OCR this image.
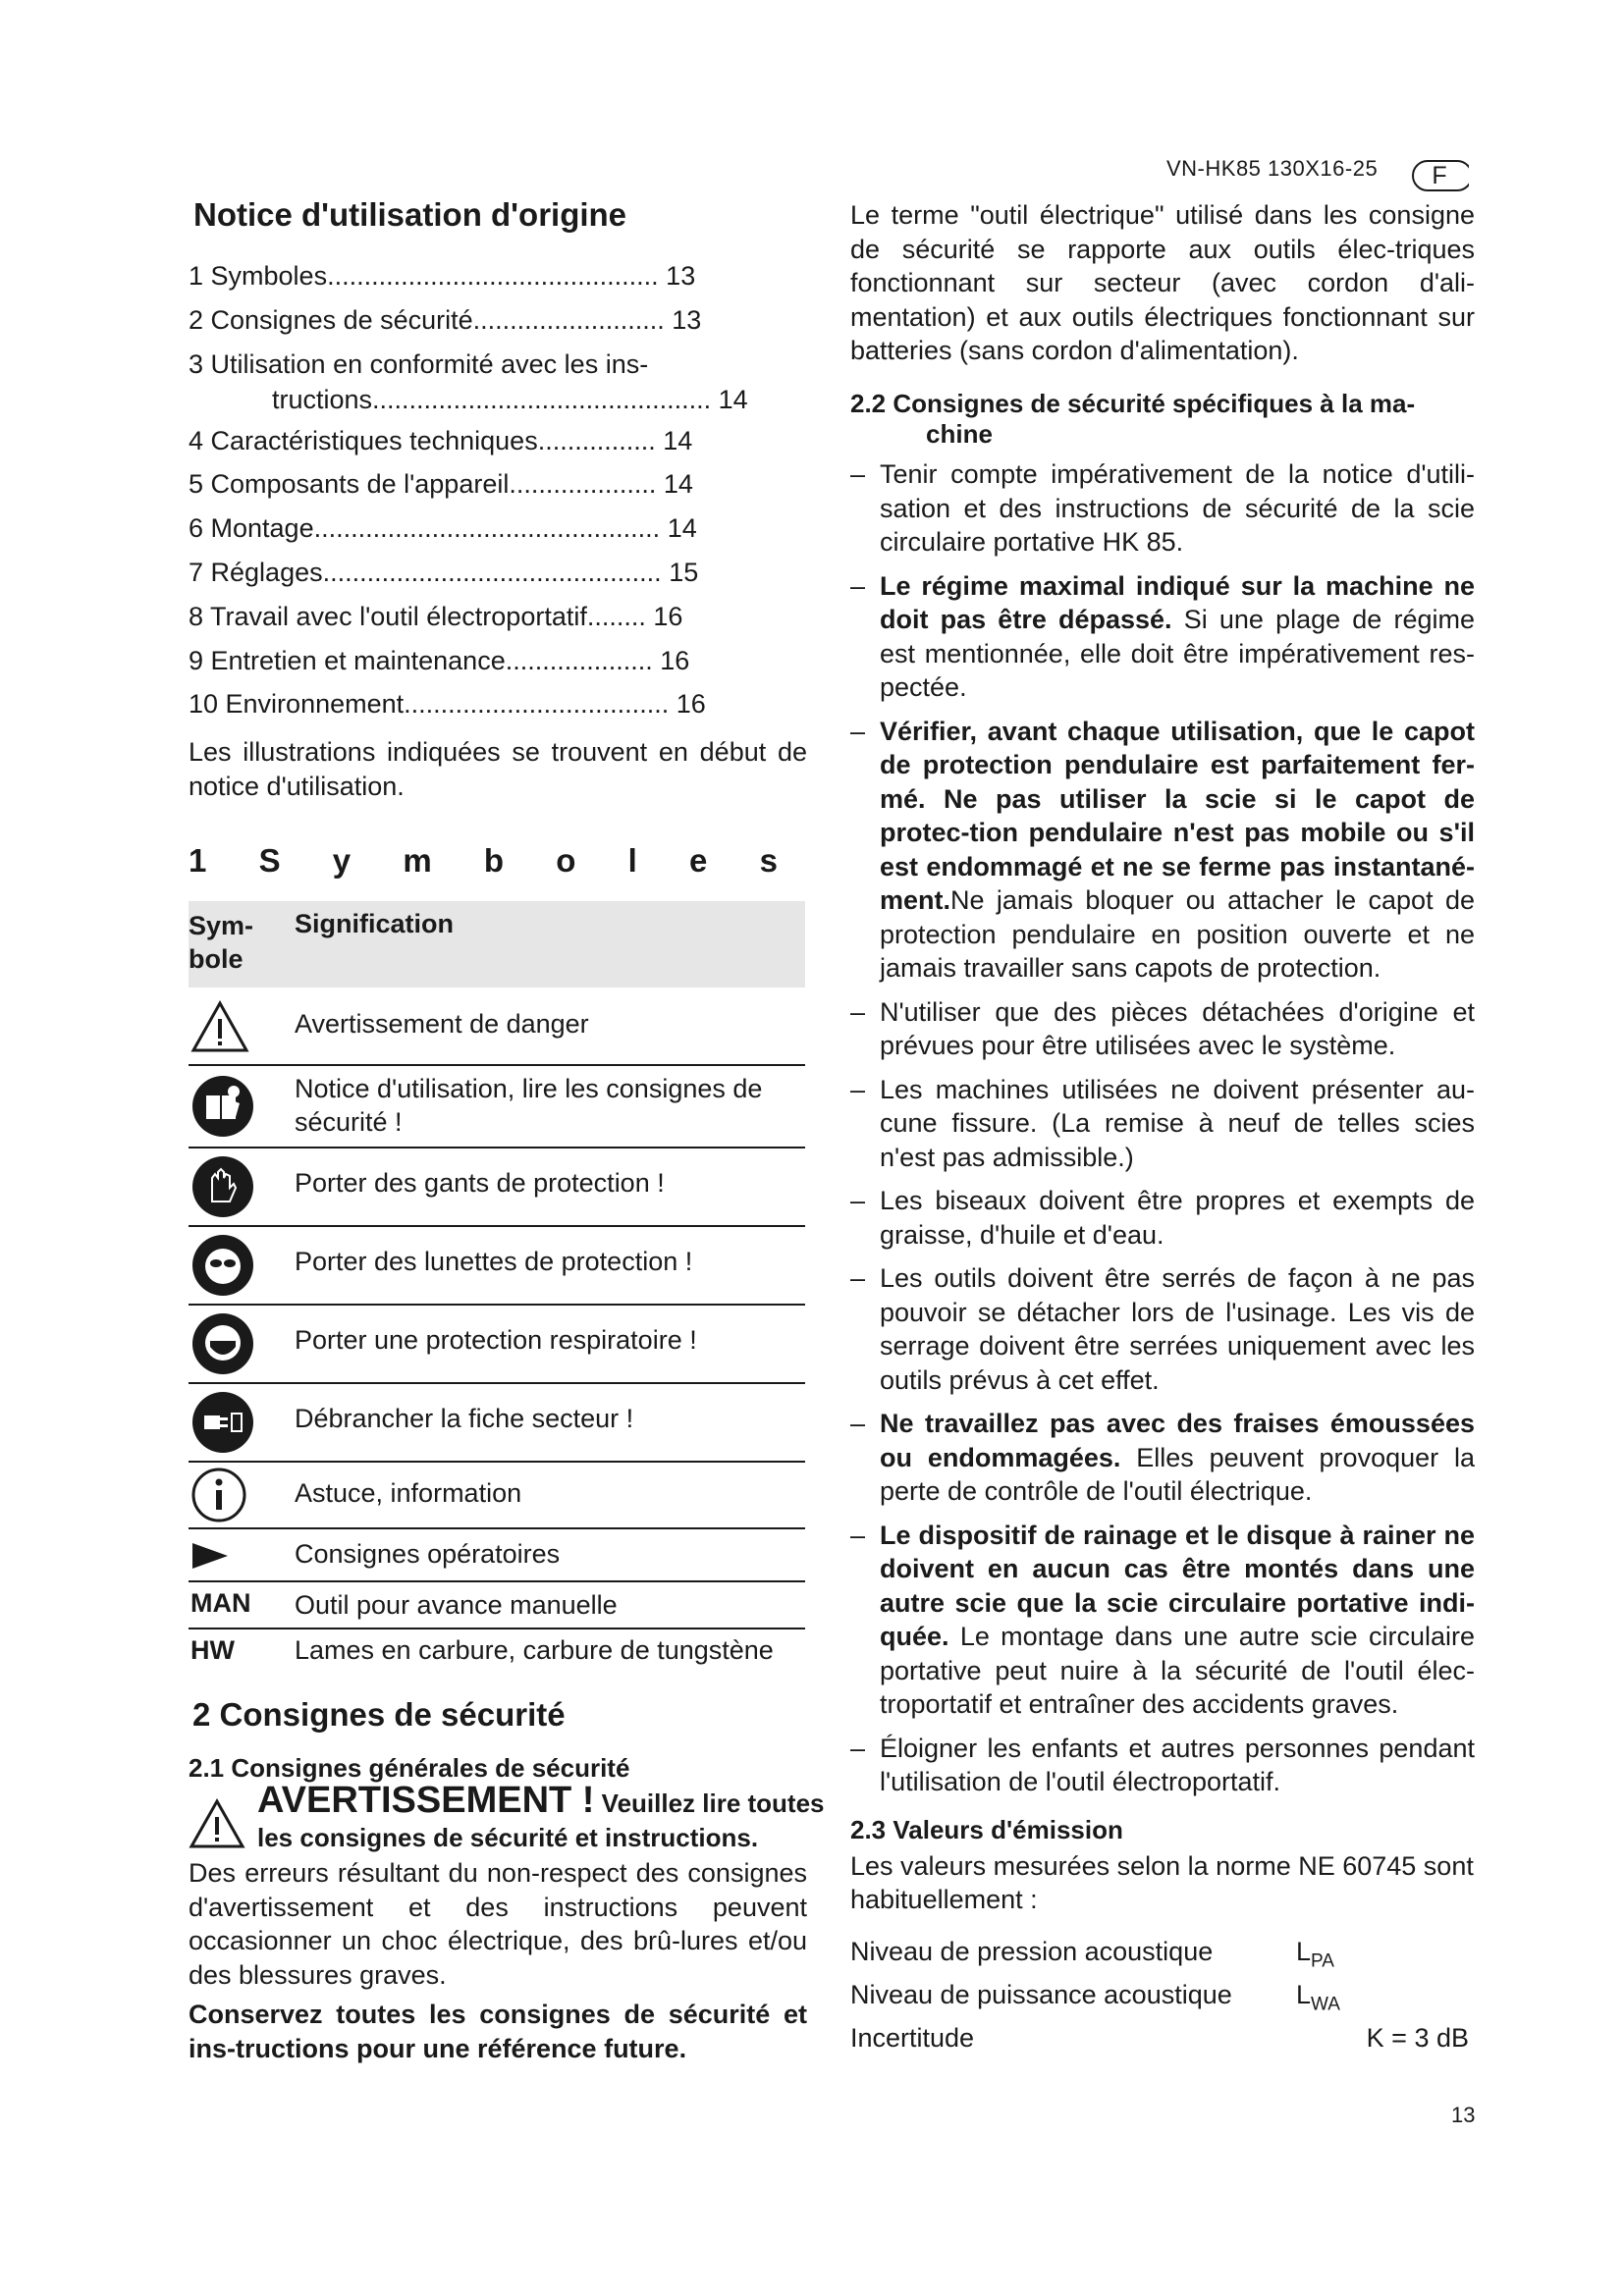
VN-HK85 130X16-25	F
Notice d'utilisation d'origine
1 Symboles............................................. 13
2 Consignes de sécurité.......................... 13
3 Utilisation en conformité avec les ins-
tructions.............................................. 14
4 Caractéristiques techniques................ 14
5 Composants de l'appareil.................... 14
6 Montage............................................... 14
7 Réglages.............................................. 15
8 Travail avec l'outil électroportatif........ 16
9 Entretien et maintenance.................... 16
10 Environnement.................................... 16
Les illustrations indiquées se trouvent en début de notice d'utilisation.
1 S y m b o l e s
Sym-
bole
Signification
Avertissement de danger
Notice d'utilisation, lire les consignes de sécurité !
Porter des gants de protection !
Porter des lunettes de protection !
Porter une protection respiratoire !
Débrancher la fiche secteur !
Astuce, information
Consignes opératoires
MAN Outil pour avance manuelle
HW Lames en carbure, carbure de tungstène
2 Consignes de sécurité
2.1 Consignes générales de sécurité
AVERTISSEMENT ! Veuillez lire toutes
les consignes de sécurité et instructions.
Des erreurs résultant du non-respect des consignes d'avertissement et des instructions peuvent occasionner un choc électrique, des brû-lures et/ou des blessures graves.
Conservez toutes les consignes de sécurité et ins-tructions pour une référence future.
Le terme "outil électrique" utilisé dans les consigne de sécurité se rapporte aux outils élec-triques fonctionnant sur secteur (avec cordon d'ali-mentation) et aux outils électriques fonctionnant sur batteries (sans cordon d'alimentation).
2.2 Consignes de sécurité spécifiques à la ma-
chine
– Tenir compte impérativement de la notice d'utili-sation et des instructions de sécurité de la scie circulaire portative HK 85.
– Le régime maximal indiqué sur la machine ne doit pas être dépassé. Si une plage de régime est mentionnée, elle doit être impérativement res-pectée.
– Vérifier, avant chaque utilisation, que le capot de protection pendulaire est parfaitement fer-mé. Ne pas utiliser la scie si le capot de protec-tion pendulaire n'est pas mobile ou s'il est endommagé et ne se ferme pas instantané-ment.Ne jamais bloquer ou attacher le capot de protection pendulaire en position ouverte et ne jamais travailler sans capots de protection.
– N'utiliser que des pièces détachées d'origine et prévues pour être utilisées avec le système.
– Les machines utilisées ne doivent présenter au-cune fissure. (La remise à neuf de telles scies n'est pas admissible.)
– Les biseaux doivent être propres et exempts de graisse, d'huile et d'eau.
– Les outils doivent être serrés de façon à ne pas pouvoir se détacher lors de l'usinage. Les vis de serrage doivent être serrées uniquement avec les outils prévus à cet effet.
– Ne travaillez pas avec des fraises émoussées ou endommagées. Elles peuvent provoquer la perte de contrôle de l'outil électrique.
– Le dispositif de rainage et le disque à rainer ne doivent en aucun cas être montés dans une autre scie que la scie circulaire portative indi-quée. Le montage dans une autre scie circulaire portative peut nuire à la sécurité de l'outil élec-troportatif et entraîner des accidents graves.
– Éloigner les enfants et autres personnes pendant l'utilisation de l'outil électroportatif.
2.3 Valeurs d'émission
Les valeurs mesurées selon la norme NE 60745 sont habituellement :
Niveau de pression acoustique	$L_{PA}$
Niveau de puissance acoustique $L_{WA}$
Incertitude	K = 3 dB
13
